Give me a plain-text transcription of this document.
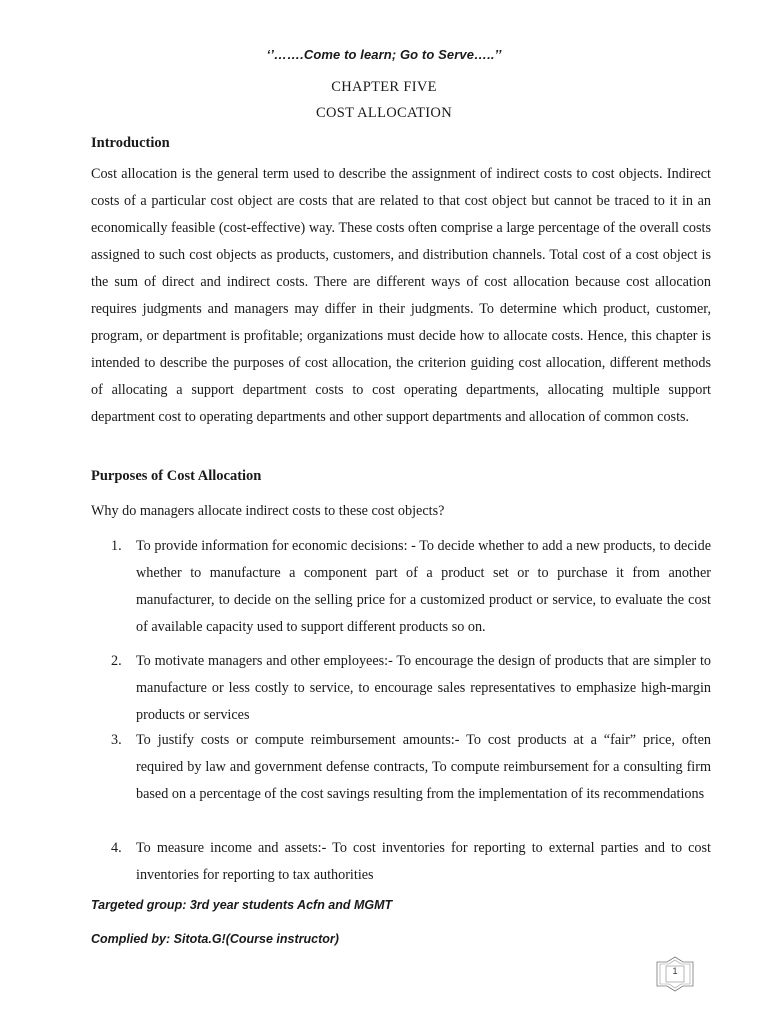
‘’…….Come to learn; Go to Serve…..’’
CHAPTER FIVE
COST ALLOCATION
Introduction
Cost allocation is the general term used to describe the assignment of indirect costs to cost objects. Indirect costs of a particular cost object are costs that are related to that cost object but cannot be traced to it in an economically feasible (cost-effective) way. These costs often comprise a large percentage of the overall costs assigned to such cost objects as products, customers, and distribution channels. Total cost of a cost object is the sum of direct and indirect costs. There are different ways of cost allocation because cost allocation requires judgments and managers may differ in their judgments. To determine which product, customer, program, or department is profitable; organizations must decide how to allocate costs. Hence, this chapter is intended to describe the purposes of cost allocation, the criterion guiding cost allocation, different methods of allocating a support department costs to cost operating departments, allocating multiple support department cost to operating departments and other support departments and allocation of common costs.
Purposes of Cost Allocation
Why do managers allocate indirect costs to these cost objects?
1. To provide information for economic decisions: - To decide whether to add a new products, to decide whether to manufacture a component part of a product set or to purchase it from another manufacturer, to decide on the selling price for a customized product or service, to evaluate the cost of available capacity used to support different products so on.
2. To motivate managers and other employees:- To encourage the design of products that are simpler to manufacture or less costly to service, to encourage sales representatives to emphasize high-margin products or services
3. To justify costs or compute reimbursement amounts:- To cost products at a “fair” price, often required by law and government defense contracts, To compute reimbursement for a consulting firm based on a percentage of the cost savings resulting from the implementation of its recommendations
4. To measure income and assets:- To cost inventories for reporting to external parties and to cost inventories for reporting to tax authorities
Targeted group: 3rd year students Acfn and MGMT
Complied by: Sitota.G!(Course instructor)
1
